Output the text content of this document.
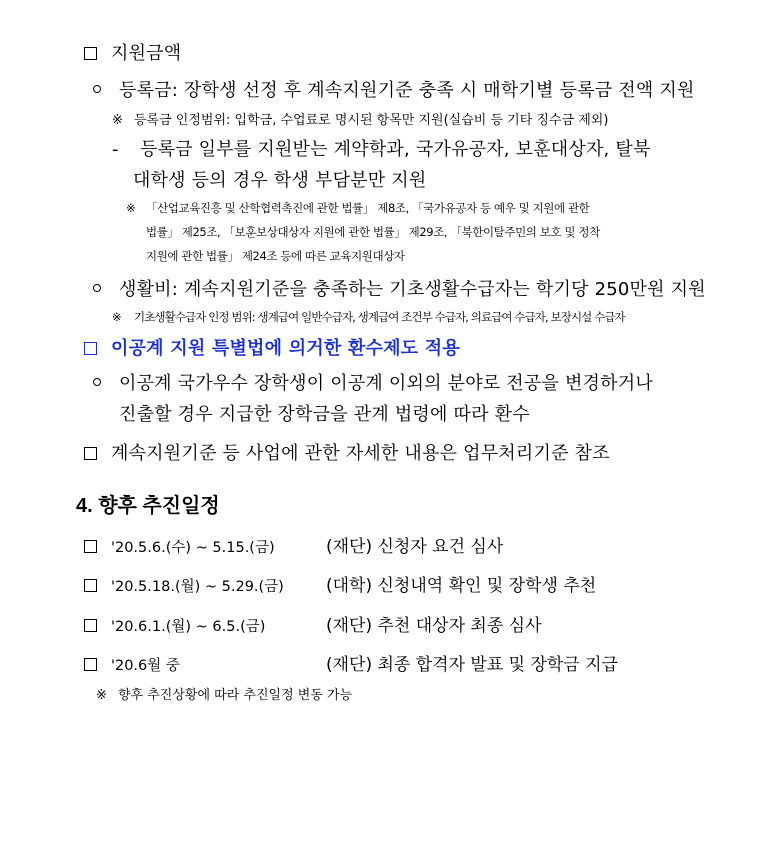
지원금액
등록금: 장학생 선정 후 계속지원기준 충족 시 매학기별 등록금 전액 지원
※ 등록금 인정범위: 입학금, 수업료로 명시된 항목만 지원(실습비 등 기타 징수금 제외)
- 등록금 일부를 지원받는 계약학과, 국가유공자, 보훈대상자, 탈북
대학생 등의 경우 학생 부담분만 지원
※ 「산업교육진흥 및 산학협력촉진에 관한 법률」 제8조, 「국가유공자 등 예우 및 지원에 관한
법률」 제25조, 「보훈보상대상자 지원에 관한 법률」 제29조, 「북한이탈주민의 보호 및 정착
지원에 관한 법률」 제24조 등에 따른 교육지원대상자
생활비: 계속지원기준을 충족하는 기초생활수급자는 학기당 250만원 지원
※ 기초생활수급자 인정 범위: 생계급여 일반수급자, 생계급여 조건부 수급자, 의료급여 수급자, 보장시설 수급자
이공계 지원 특별법에 의거한 환수제도 적용
이공계 국가우수 장학생이 이공계 이외의 분야로 전공을 변경하거나
진출할 경우 지급한 장학금을 관계 법령에 따라 환수
계속지원기준 등 사업에 관한 자세한 내용은 업무처리기준 참조
4. 향후 추진일정
'20.5.6.(수) ~ 5.15.(금)	(재단) 신청자 요건 심사
'20.5.18.(월) ~ 5.29.(금) (대학) 신청내역 확인 및 장학생 추천
'20.6.1.(월) ~ 6.5.(금)	(재단) 추천 대상자 최종 심사
'20.6월 중	(재단) 최종 합격자 발표 및 장학금 지급
※ 향후 추진상황에 따라 추진일정 변동 가능
